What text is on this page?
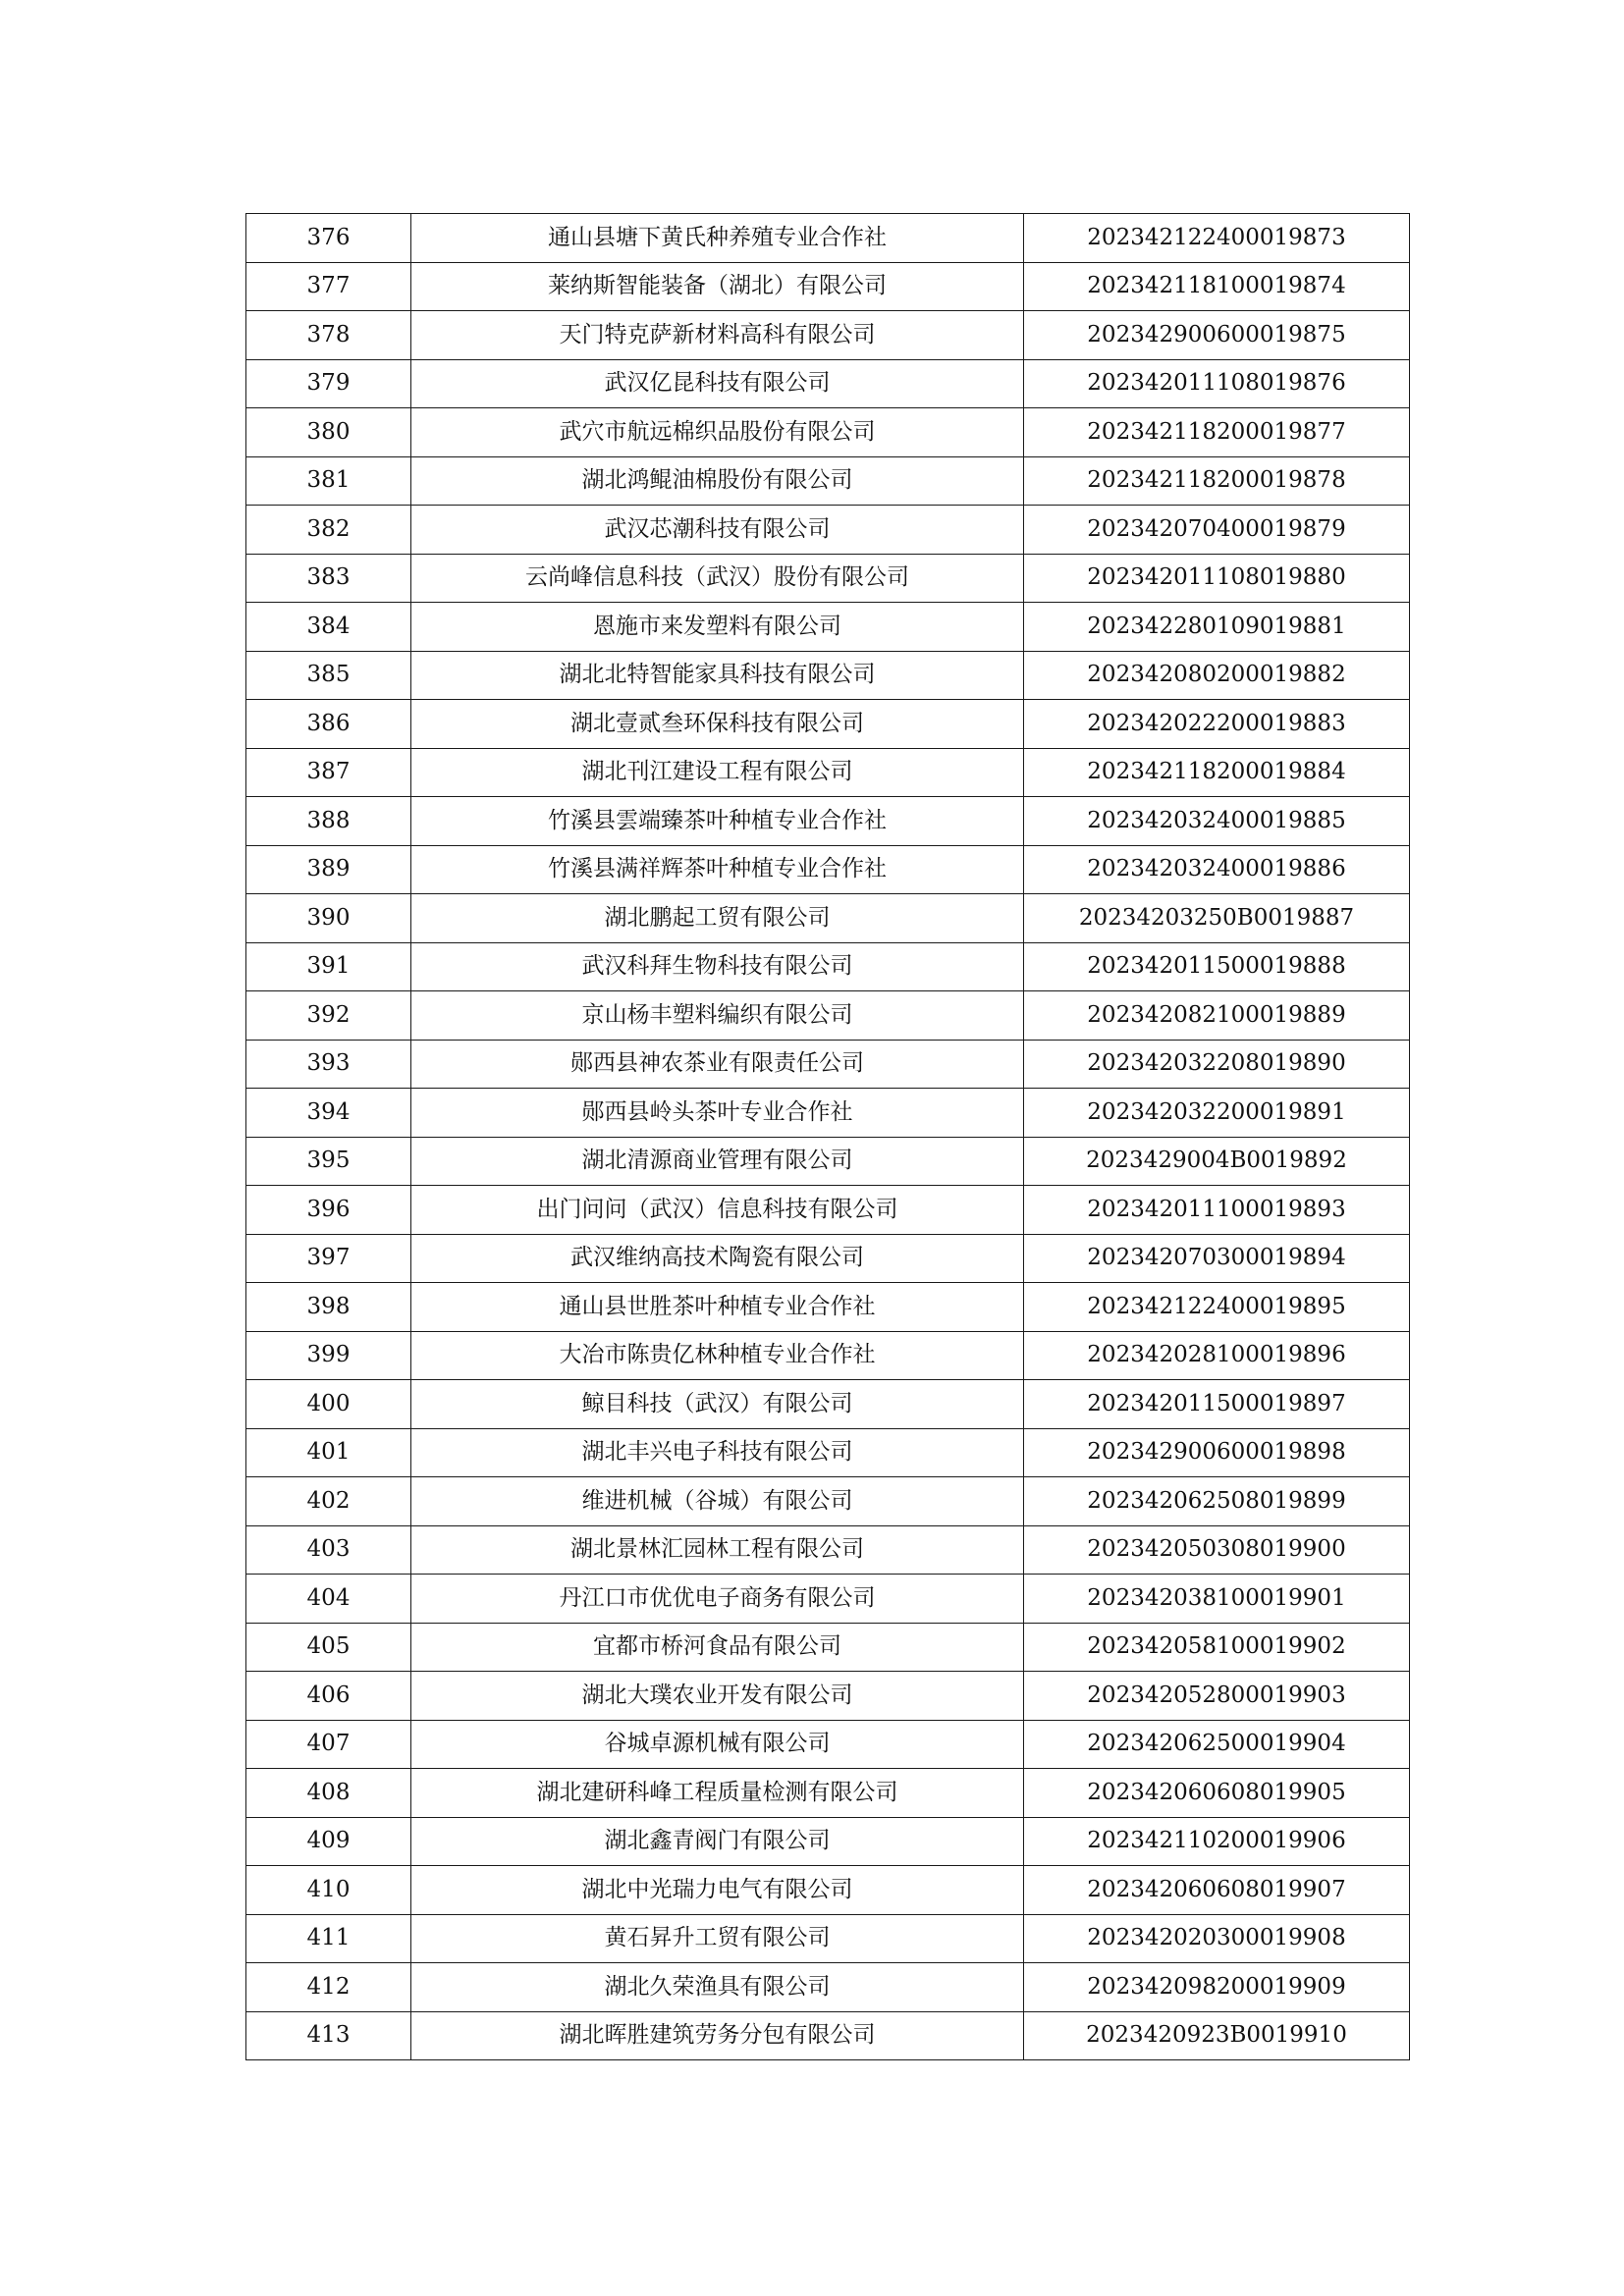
376	通山县塘下黄氏种养殖专业合作社	202342122400019873
377	莱纳斯智能装备（湖北）有限公司	202342118100019874
378	天门特克萨新材料高科有限公司	202342900600019875
379	武汉亿昆科技有限公司	202342011108019876
380	武穴市航远棉织品股份有限公司	202342118200019877
381	湖北鸿鲲油棉股份有限公司	202342118200019878
382	武汉芯潮科技有限公司	202342070400019879
383	云尚峰信息科技（武汉）股份有限公司	202342011108019880
384	恩施市来发塑料有限公司	202342280109019881
385	湖北北特智能家具科技有限公司	202342080200019882
386	湖北壹贰叁环保科技有限公司	202342022200019883
387	湖北刊江建设工程有限公司	202342118200019884
388	竹溪县雲端臻茶叶种植专业合作社	202342032400019885
389	竹溪县满祥辉茶叶种植专业合作社	202342032400019886
390	湖北鹏起工贸有限公司	20234203250B0019887
391	武汉科拜生物科技有限公司	202342011500019888
392	京山杨丰塑料编织有限公司	202342082100019889
393	郧西县神农茶业有限责任公司	202342032208019890
394	郧西县岭头茶叶专业合作社	202342032200019891
395	湖北清源商业管理有限公司	2023429004B0019892
396	出门问问（武汉）信息科技有限公司	202342011100019893
397	武汉维纳高技术陶瓷有限公司	202342070300019894
398	通山县世胜茶叶种植专业合作社	202342122400019895
399	大冶市陈贵亿林种植专业合作社	202342028100019896
400	鲸目科技（武汉）有限公司	202342011500019897
401	湖北丰兴电子科技有限公司	202342900600019898
402	维进机械（谷城）有限公司	202342062508019899
403	湖北景林汇园林工程有限公司	202342050308019900
404	丹江口市优优电子商务有限公司	202342038100019901
405	宜都市桥河食品有限公司	202342058100019902
406	湖北大璞农业开发有限公司	202342052800019903
407	谷城卓源机械有限公司	202342062500019904
408	湖北建研科峰工程质量检测有限公司	202342060608019905
409	湖北鑫青阀门有限公司	202342110200019906
410	湖北中光瑞力电气有限公司	202342060608019907
411	黄石昇升工贸有限公司	202342020300019908
412	湖北久荣渔具有限公司	202342098200019909
413	湖北晖胜建筑劳务分包有限公司	2023420923B0019910
